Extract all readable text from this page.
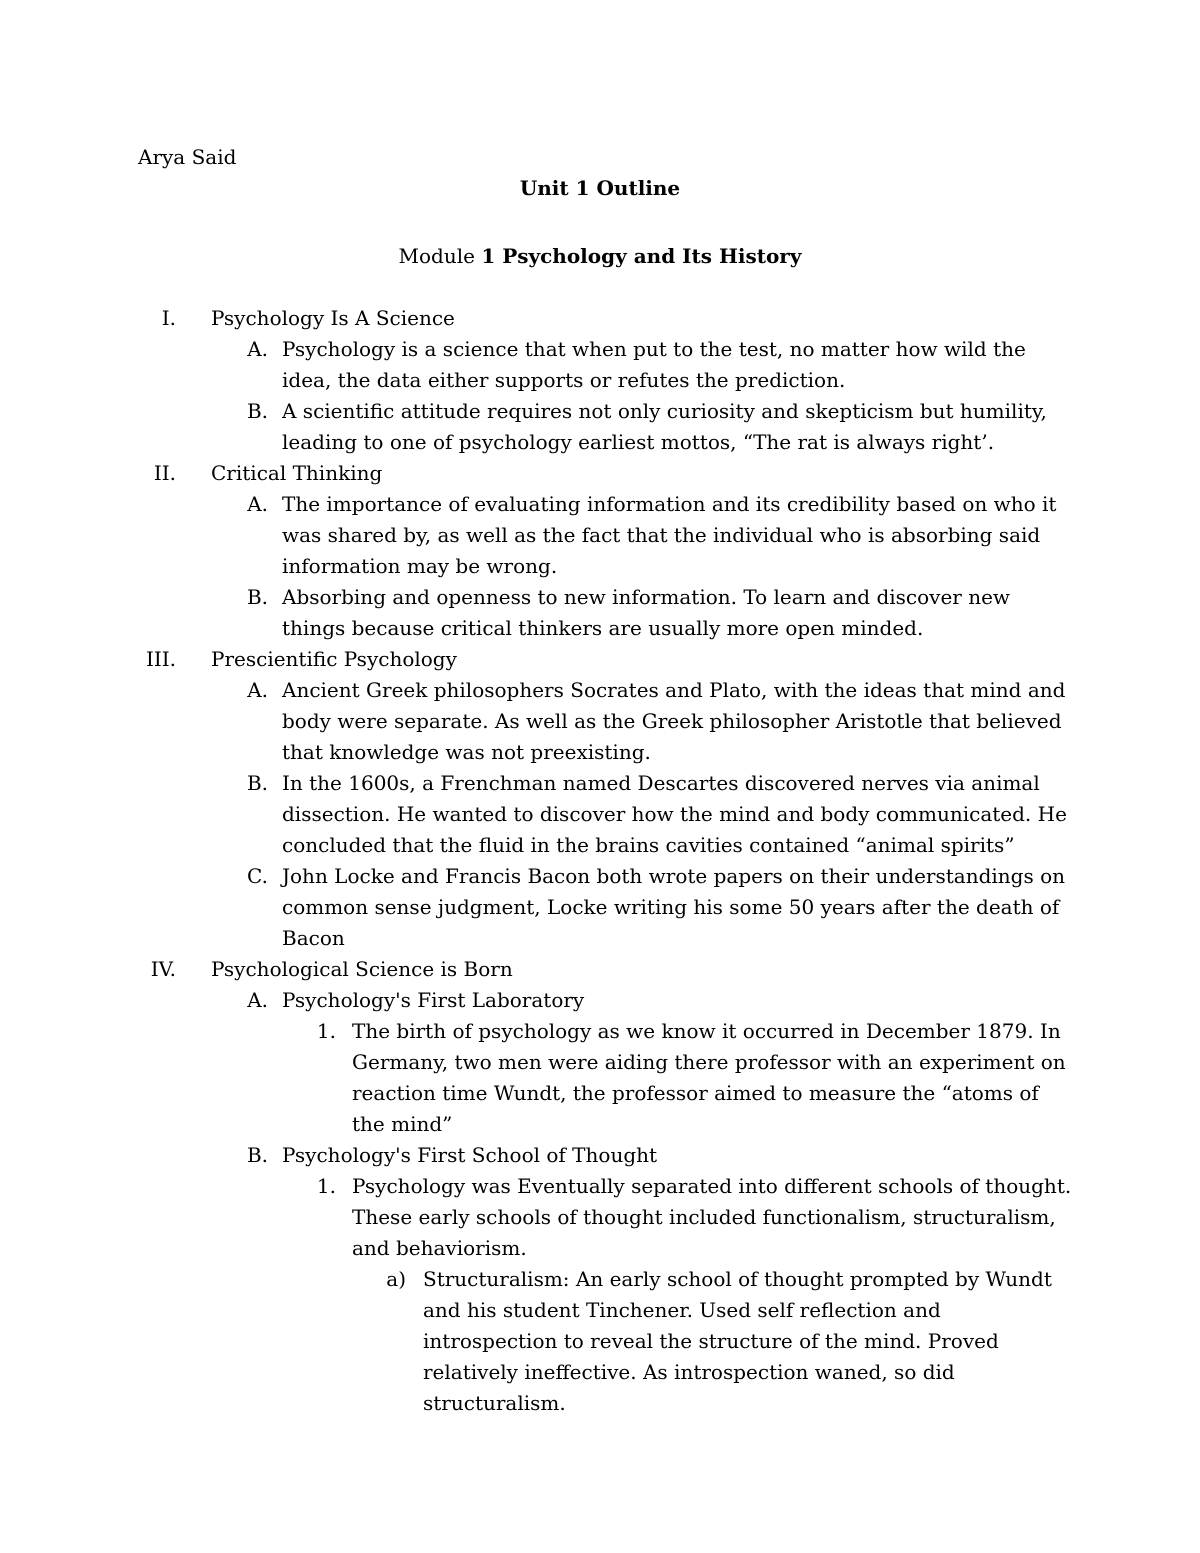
Arya Said
Unit 1 Outline
Module 1 Psychology and Its History
I. Psychology Is A Science
A. Psychology is a science that when put to the test, no matter how wild the idea, the data either supports or refutes the prediction.
B. A scientific attitude requires not only curiosity and skepticism but humility, leading to one of psychology earliest mottos, “The rat is always right’.
II. Critical Thinking
A. The importance of evaluating information and its credibility based on who it was shared by, as well as the fact that the individual who is absorbing said information may be wrong.
B. Absorbing and openness to new information. To learn and discover new things because critical thinkers are usually more open minded.
III. Prescientific Psychology
A. Ancient Greek philosophers Socrates and Plato, with the ideas that mind and body were separate. As well as the Greek philosopher Aristotle that believed that knowledge was not preexisting.
B. In the 1600s, a Frenchman named Descartes discovered nerves via animal dissection. He wanted to discover how the mind and body communicated. He concluded that the fluid in the brains cavities contained “animal spirits”
C. John Locke and Francis Bacon both wrote papers on their understandings on common sense judgment, Locke writing his some 50 years after the death of Bacon
IV. Psychological Science is Born
A. Psychology's First Laboratory
1. The birth of psychology as we know it occurred in December 1879. In Germany, two men were aiding there professor with an experiment on reaction time Wundt, the professor aimed to measure the “atoms of the mind”
B. Psychology's First School of Thought
1. Psychology was Eventually separated into different schools of thought. These early schools of thought included functionalism, structuralism, and behaviorism.
a) Structuralism: An early school of thought prompted by Wundt and his student Tinchener. Used self reflection and introspection to reveal the structure of the mind. Proved relatively ineffective. As introspection waned, so did structuralism.
